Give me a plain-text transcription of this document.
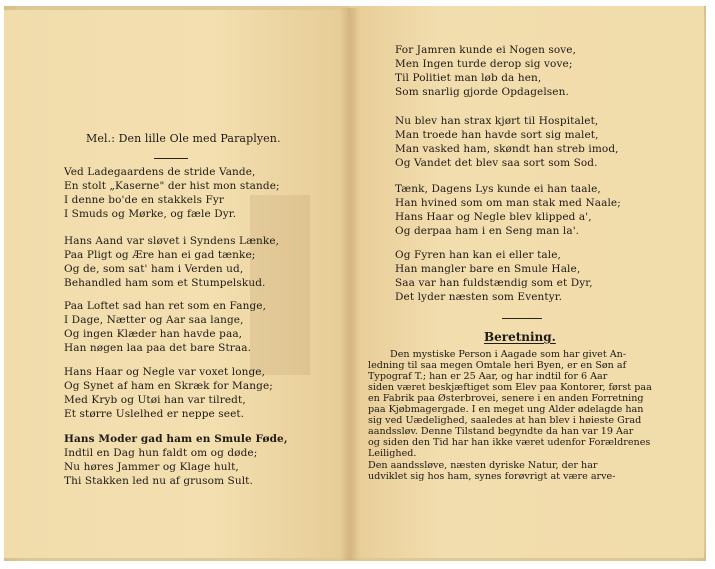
Mel.: Den lille Ole med Paraplyen.
Ved Ladegaardens de stride Vande,
En stolt „Kaserne" der hist mon stande;
I denne bo'de en stakkels Fyr
I Smuds og Mørke, og fæle Dyr.
Hans Aand var sløvet i Syndens Lænke,
Paa Pligt og Ære han ei gad tænke;
Og de, som sat' ham i Verden ud,
Behandled ham som et Stumpelskud.
Paa Loftet sad han ret som en Fange,
I Dage, Nætter og Aar saa lange,
Og ingen Klæder han havde paa,
Han nøgen laa paa det bare Straa.
Hans Haar og Negle var voxet longe,
Og Synet af ham en Skræk for Mange;
Med Kryb og Utøi han var tilredt,
Et større Uslelhed er neppe seet.
Hans Moder gad ham en Smule Føde,
Indtil en Dag hun faldt om og døde;
Nu høres Jammer og Klage hult,
Thi Stakken led nu af grusom Sult.
For Jamren kunde ei Nogen sove,
Men Ingen turde derop sig vove;
Til Politiet man løb da hen,
Som snarlig gjorde Opdagelsen.
Nu blev han strax kjørt til Hospitalet,
Man troede han havde sort sig malet,
Man vasked ham, skøndt han streb imod,
Og Vandet det blev saa sort som Sod.
Tænk, Dagens Lys kunde ei han taale,
Han hvined som om man stak med Naale;
Hans Haar og Negle blev klipped a',
Og derpaa ham i en Seng man la'.
Og Fyren han kan ei eller tale,
Han mangler bare en Smule Hale,
Saa var han fuldstændig som et Dyr,
Det lyder næsten som Eventyr.
Beretning.
Den mystiske Person i Aagade som har givet An-
ledning til saa megen Omtale heri Byen, er en Søn af
Typograf T.; han er 25 Aar, og har indtil for 6 Aar
siden været beskjæftiget som Elev paa Kontorer, først paa
en Fabrik paa Østerbrovei, senere i en anden Forretning
paa Kjøbmagergade. I en meget ung Alder ødelagde han
sig ved Uædelighed, saaledes at han blev i høieste Grad
aandssløv. Denne Tilstand begyndte da han var 19 Aar
og siden den Tid har han ikke været udenfor Forældrenes
Leilighed.
Den aandssløve, næsten dyriske Natur, der har
udviklet sig hos ham, synes forøvrigt at være arve-
